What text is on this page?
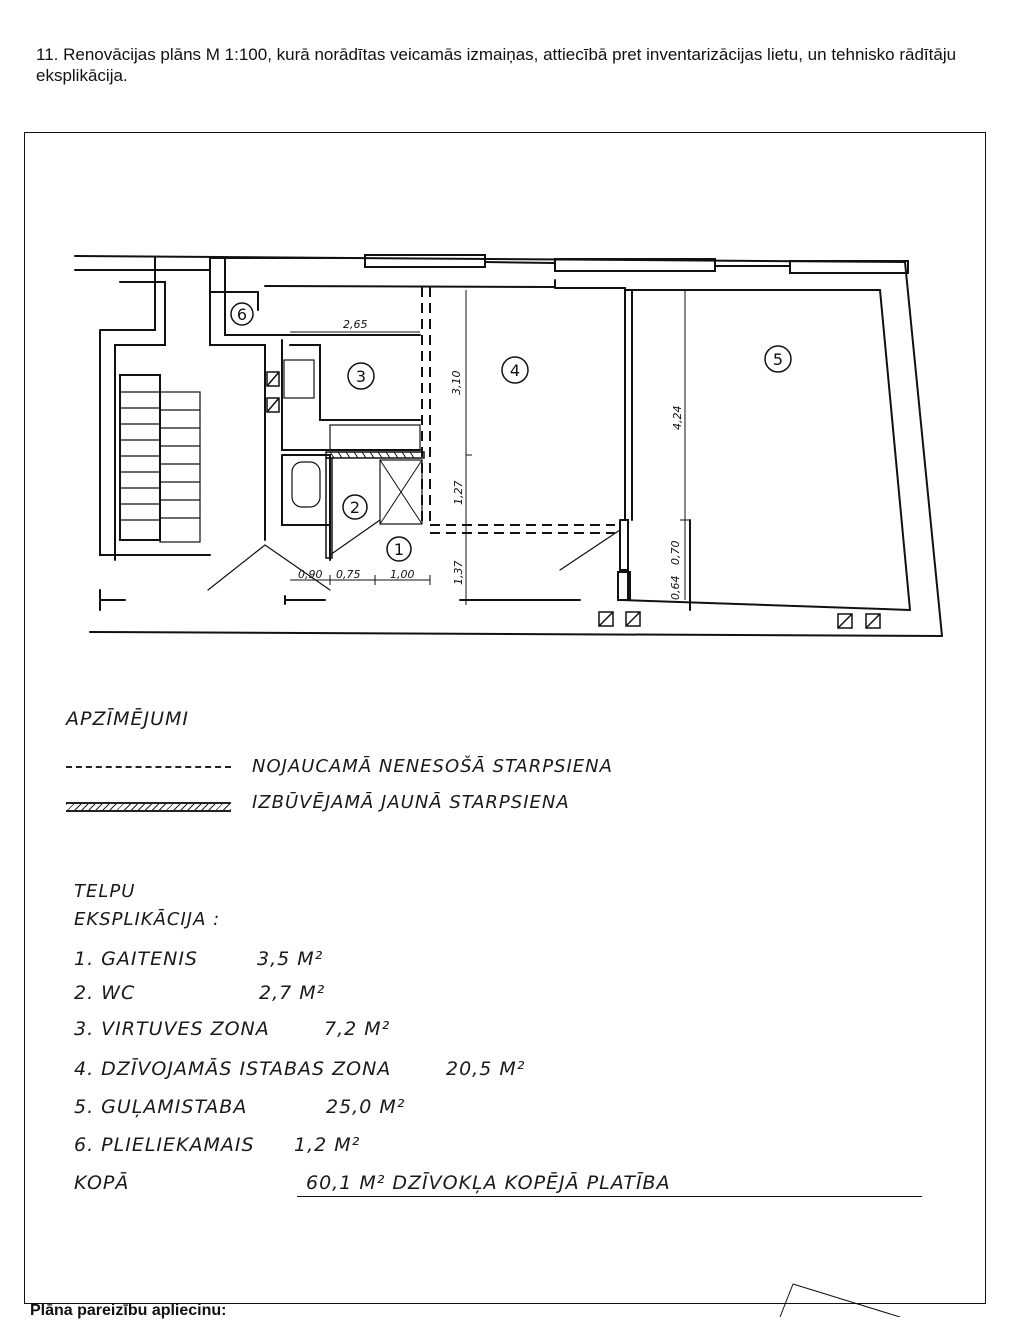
11. Renovācijas plāns M 1:100, kurā norādītas veicamās izmaiņas, attiecībā pret inventarizācijas lietu, un tehnisko rādītāju eksplikācija.
6
3	4
5
2
1
2,65
3,10
4,24
1,27
1,37
0,90 0,75	1,00
0,64
0,70
APZĪMĒJUMI
NOJAUCAMĀ NENESOŠĀ STARPSIENA
IZBŪVĒJAMĀ JAUNĀ STARPSIENA
TELPU
EKSPLIKĀCIJA :
1. GAITENIS	3,5 M²
2. WC	2,7 M²
3. VIRTUVES ZONA	7,2 M²
4. DZĪVOJAMĀS ISTABAS ZONA	20,5 M²
5. GUĻAMISTABA	25,0 M²
6. PLIELIEKAMAIS 1,2 M²
KOPĀ	60,1 M² DZĪVOKĻA KOPĒJĀ PLATĪBA
Plāna pareizību apliecinu:
